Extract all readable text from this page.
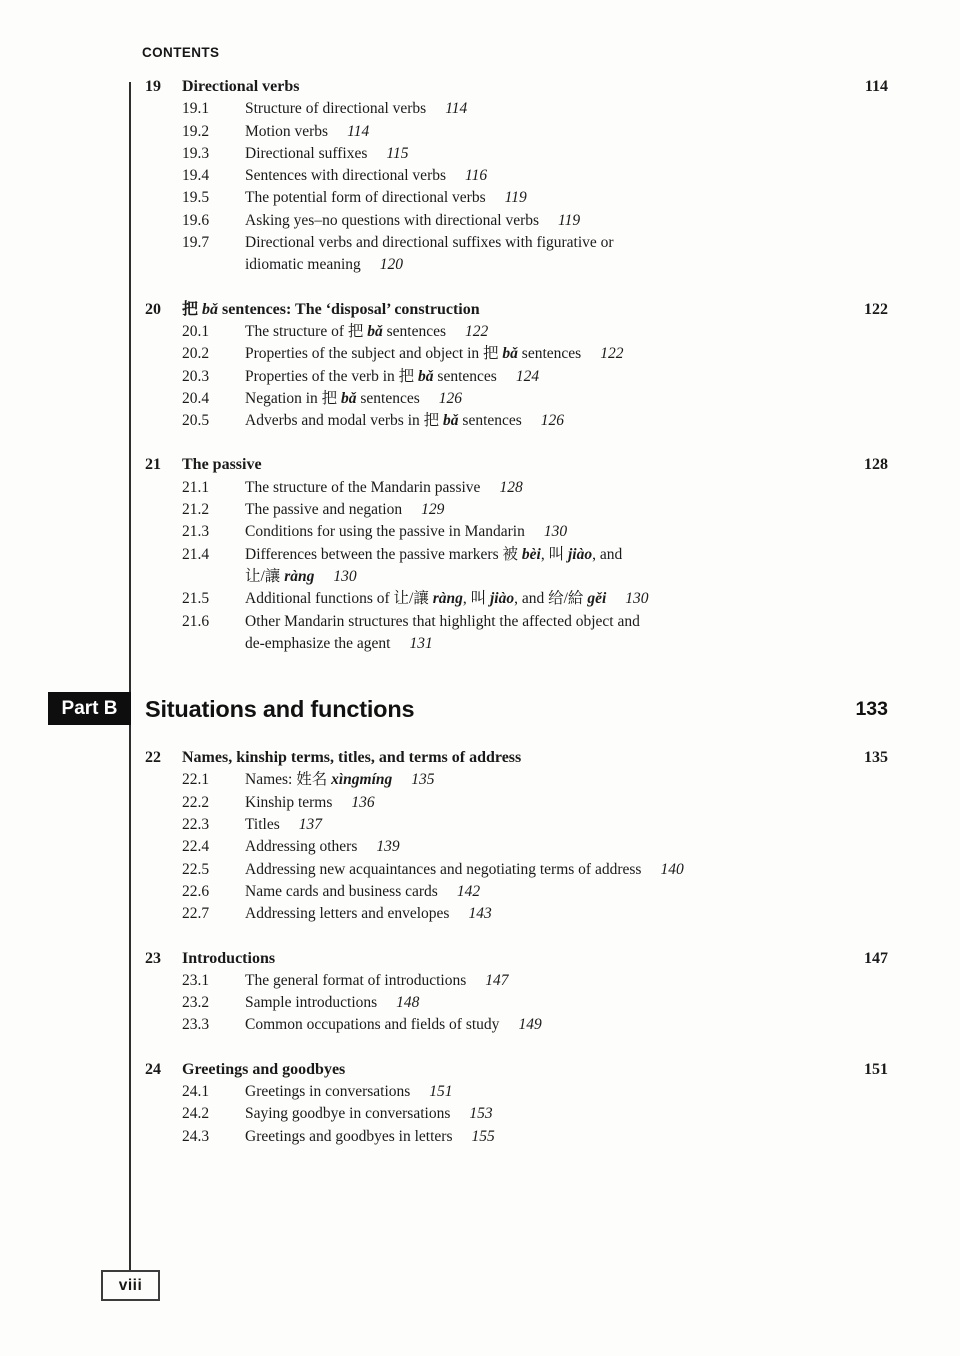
CONTENTS
19	Directional verbs	114
19.1	Structure of directional verbs 114
19.2	Motion verbs 114
19.3	Directional suffixes 115
19.4	Sentences with directional verbs 116
19.5	The potential form of directional verbs 119
19.6	Asking yes–no questions with directional verbs 119
19.7	Directional verbs and directional suffixes with figurative or
idiomatic meaning 120
20	把 bǎ sentences: The ‘disposal’ construction	122
20.1	The structure of 把 bǎ sentences 122
20.2	Properties of the subject and object in 把 bǎ sentences 122
20.3	Properties of the verb in 把 bǎ sentences 124
20.4	Negation in 把 bǎ sentences 126
20.5	Adverbs and modal verbs in 把 bǎ sentences 126
21	The passive	128
21.1	The structure of the Mandarin passive 128
21.2	The passive and negation 129
21.3	Conditions for using the passive in Mandarin 130
21.4	Differences between the passive markers 被 bèi, 叫 jiào, and
让/讓 ràng 130
21.5	Additional functions of 让/讓 ràng, 叫 jiào, and 给/給 gěi 130
21.6	Other Mandarin structures that highlight the affected object and
de-emphasize the agent 131
Part B	Situations and functions	133
22	Names, kinship terms, titles, and terms of address	135
22.1	Names: 姓名 xìngmíng 135
22.2	Kinship terms 136
22.3	Titles 137
22.4	Addressing others 139
22.5	Addressing new acquaintances and negotiating terms of address 140
22.6	Name cards and business cards 142
22.7	Addressing letters and envelopes 143
23	Introductions	147
23.1	The general format of introductions 147
23.2	Sample introductions 148
23.3	Common occupations and fields of study 149
24	Greetings and goodbyes	151
24.1	Greetings in conversations 151
24.2	Saying goodbye in conversations 153
24.3	Greetings and goodbyes in letters 155
viii
